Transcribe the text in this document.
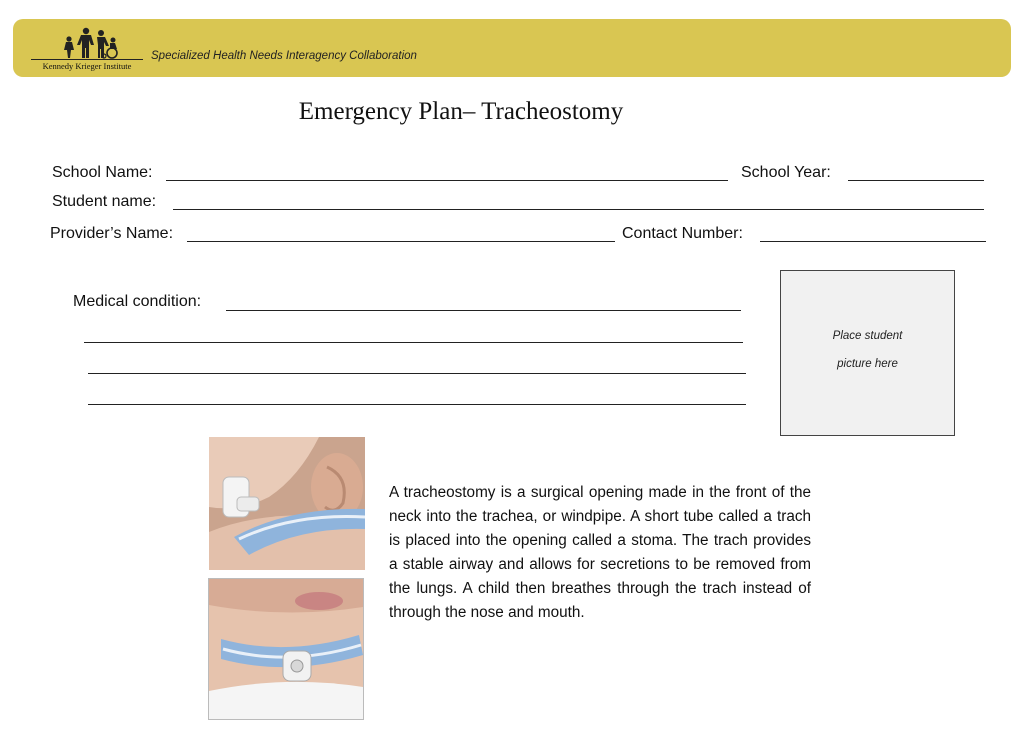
Kennedy Krieger Institute
Specialized Health Needs Interagency Collaboration
Emergency Plan– Tracheostomy
School Name:	School Year:
Student name:
Provider’s Name:	Contact Number:
Medical condition:
Place student
picture here
A tracheostomy is a surgical opening made in the front of the neck into the trachea, or windpipe. A short tube called a trach is placed into the opening called a stoma. The trach provides a stable airway and allows for secretions to be removed from the lungs. A child then breathes through the trach instead of through the nose and mouth.
